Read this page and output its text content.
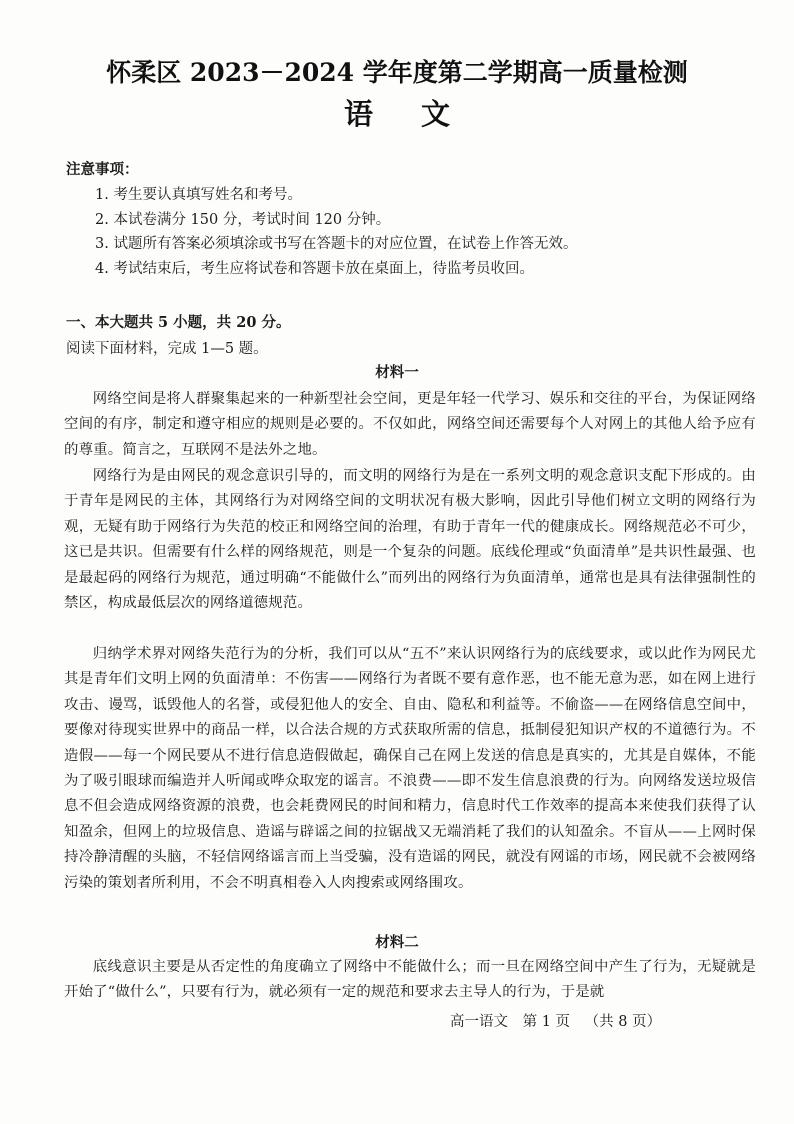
怀柔区 2023－2024 学年度第二学期高一质量检测
语文
注意事项：
1. 考生要认真填写姓名和考号。
2. 本试卷满分 150 分，考试时间 120 分钟。
3. 试题所有答案必须填涂或书写在答题卡的对应位置，在试卷上作答无效。
4. 考试结束后，考生应将试卷和答题卡放在桌面上，待监考员收回。
一、本大题共 5 小题，共 20 分。
阅读下面材料，完成 1—5 题。
材料一
网络空间是将人群聚集起来的一种新型社会空间，更是年轻一代学习、娱乐和交往的平台，为保证网络空间的有序，制定和遵守相应的规则是必要的。不仅如此，网络空间还需要每个人对网上的其他人给予应有的尊重。简言之，互联网不是法外之地。
网络行为是由网民的观念意识引导的，而文明的网络行为是在一系列文明的观念意识支配下形成的。由于青年是网民的主体，其网络行为对网络空间的文明状况有极大影响，因此引导他们树立文明的网络行为观，无疑有助于网络行为失范的校正和网络空间的治理，有助于青年一代的健康成长。网络规范必不可少，这已是共识。但需要有什么样的网络规范，则是一个复杂的问题。底线伦理或“负面清单”是共识性最强、也是最起码的网络行为规范，通过明确“不能做什么”而列出的网络行为负面清单，通常也是具有法律强制性的禁区，构成最低层次的网络道德规范。
归纳学术界对网络失范行为的分析，我们可以从“五不”来认识网络行为的底线要求，或以此作为网民尤其是青年们文明上网的负面清单：不伤害——网络行为者既不要有意作恶，也不能无意为恶，如在网上进行攻击、谩骂，诋毁他人的名誉，或侵犯他人的安全、自由、隐私和利益等。不偷盗——在网络信息空间中，要像对待现实世界中的商品一样，以合法合规的方式获取所需的信息，抵制侵犯知识产权的不道德行为。不造假——每一个网民要从不进行信息造假做起，确保自己在网上发送的信息是真实的，尤其是自媒体，不能为了吸引眼球而编造并人听闻或哗众取宠的谣言。不浪费——即不发生信息浪费的行为。向网络发送垃圾信息不但会造成网络资源的浪费，也会耗费网民的时间和精力，信息时代工作效率的提高本来使我们获得了认知盈余，但网上的垃圾信息、造谣与辟谣之间的拉锯战又无端消耗了我们的认知盈余。不盲从——上网时保持冷静清醒的头脑，不轻信网络谣言而上当受骗，没有造谣的网民，就没有网谣的市场，网民就不会被网络污染的策划者所利用，不会不明真相卷入人肉搜索或网络围攻。
材料二
底线意识主要是从否定性的角度确立了网络中不能做什么；而一旦在网络空间中产生了行为，无疑就是开始了“做什么”，只要有行为，就必须有一定的规范和要求去主导人的行为，于是就
高一语文 第 1 页 （共 8 页）
